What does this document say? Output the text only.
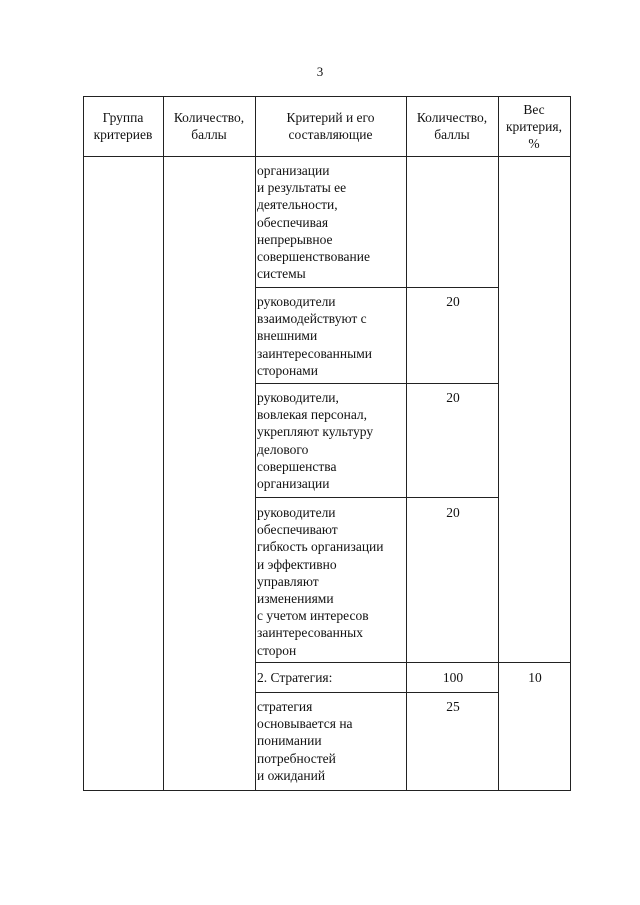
3
Группа
критериев
Количество,
баллы
Критерий и его
составляющие
Количество,
баллы
Вес
критерия,
%
организации
и результаты ее
деятельности,
обеспечивая
непрерывное
совершенствование
системы
руководители
взаимодействуют с
внешними
заинтересованными
сторонами
20
руководители,
вовлекая персонал,
укрепляют культуру
делового
совершенства
организации
20
руководители
обеспечивают
гибкость организации
и эффективно
управляют
изменениями
с учетом интересов
заинтересованных
сторон
20
2. Стратегия:	100	10
стратегия
основывается на
понимании
потребностей
и ожиданий
25
